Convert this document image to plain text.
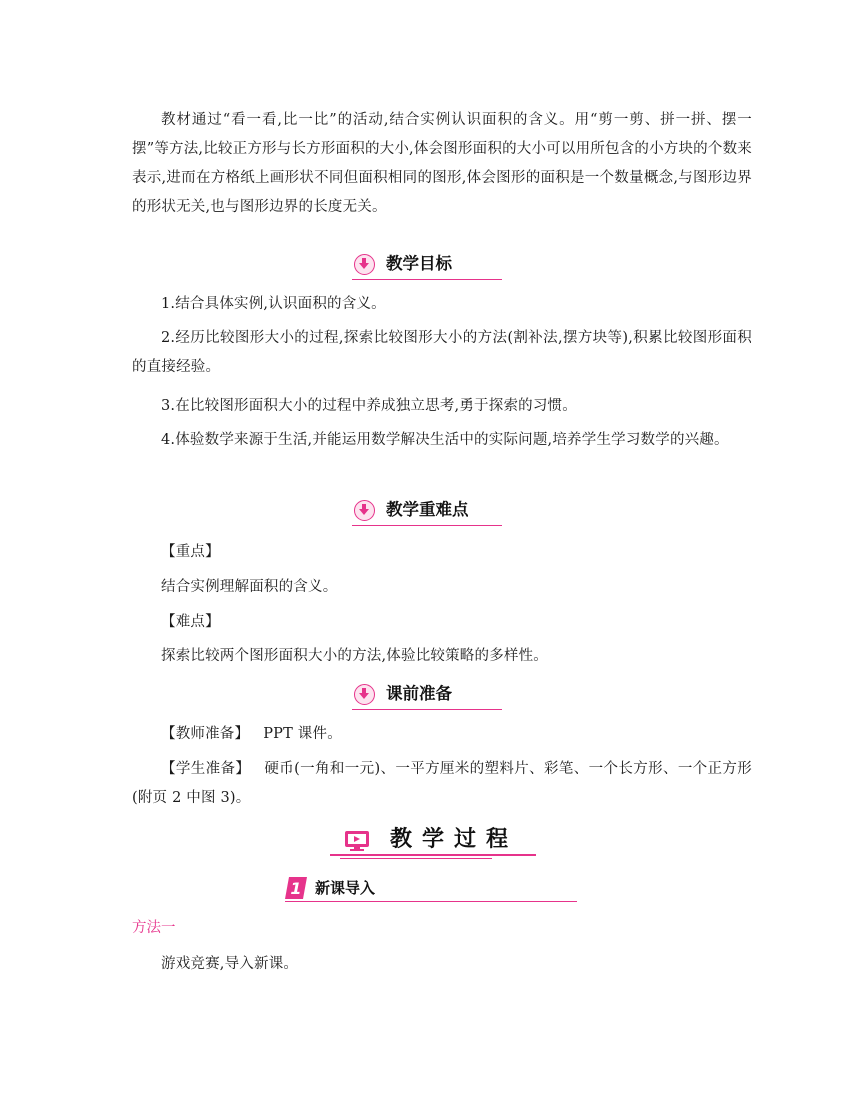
教材通过“看一看,比一比”的活动,结合实例认识面积的含义。用“剪一剪、拼一拼、摆一摆”等方法,比较正方形与长方形面积的大小,体会图形面积的大小可以用所包含的小方块的个数来表示,进而在方格纸上画形状不同但面积相同的图形,体会图形的面积是一个数量概念,与图形边界的形状无关,也与图形边界的长度无关。

教学目标

1.结合具体实例,认识面积的含义。

2.经历比较图形大小的过程,探索比较图形大小的方法(割补法,摆方块等),积累比较图形面积的直接经验。

3.在比较图形面积大小的过程中养成独立思考,勇于探索的习惯。

4.体验数学来源于生活,并能运用数学解决生活中的实际问题,培养学生学习数学的兴趣。

教学重难点

【重点】

结合实例理解面积的含义。

【难点】

探索比较两个图形面积大小的方法,体验比较策略的多样性。

课前准备

【教师准备】 PPT 课件。

【学生准备】 硬币(一角和一元)、一平方厘米的塑料片、彩笔、一个长方形、一个正方形(附页 2 中图 3)。

教学过程
1 新课导入
方法一

游戏竞赛,导入新课。
